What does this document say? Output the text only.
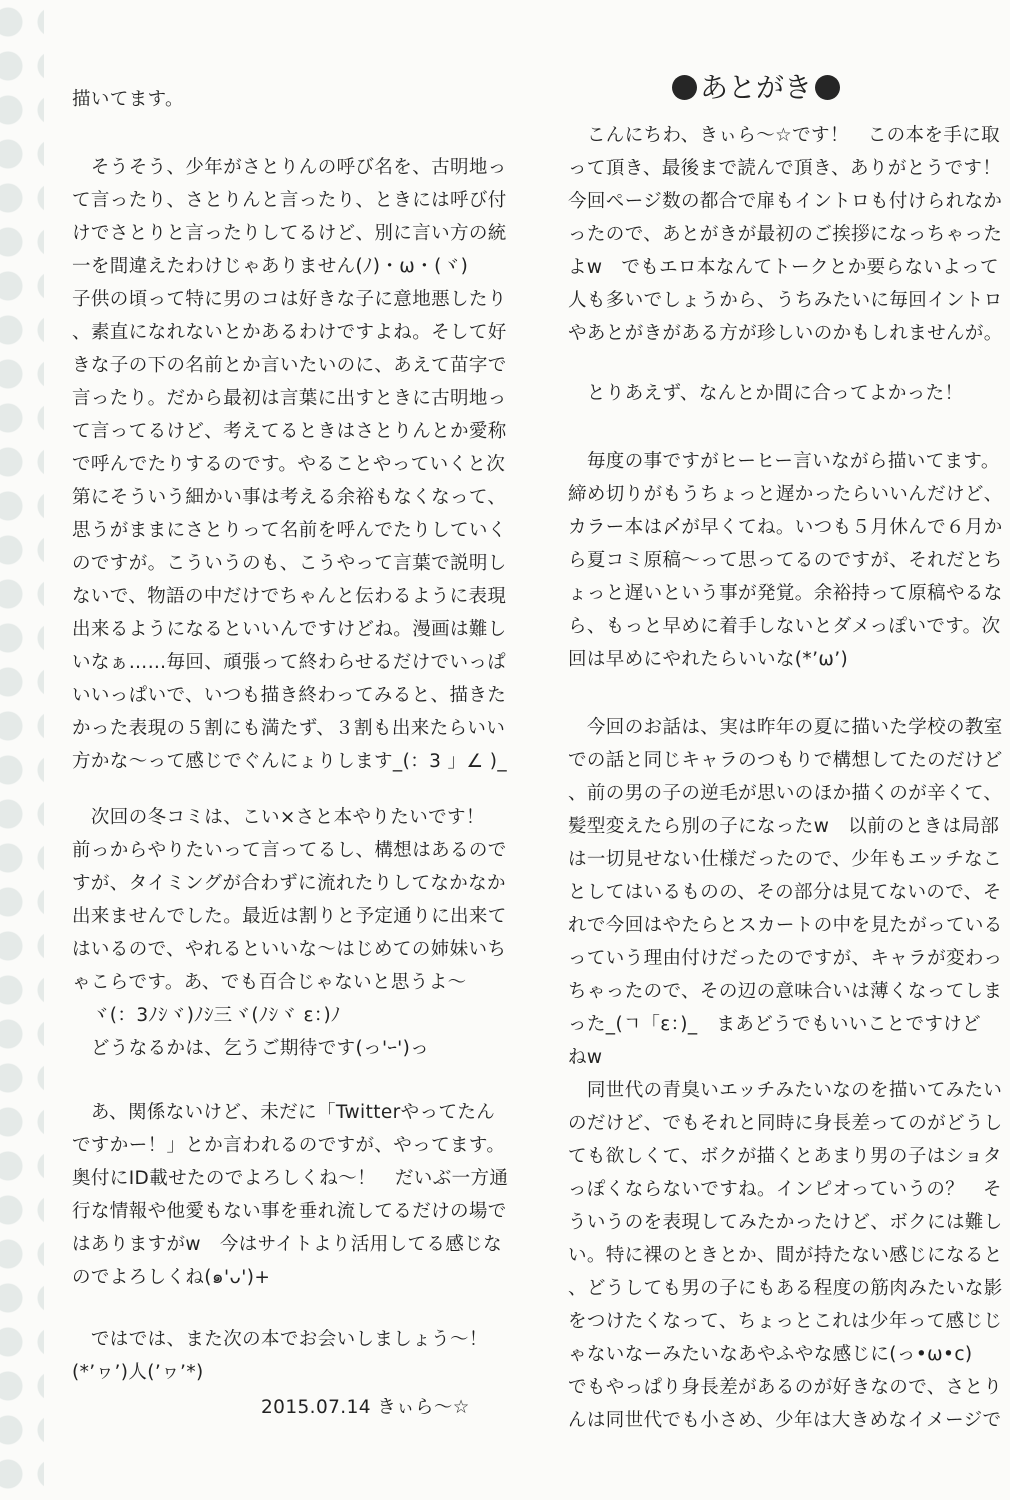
あとがき
描いてます。
　そうそう、少年がさとりんの呼び名を、古明地っ
て言ったり、さとりんと言ったり、ときには呼び付
けでさとりと言ったりしてるけど、別に言い方の統
一を間違えたわけじゃありません(ﾉ)・ω・(ヾ)
子供の頃って特に男のコは好きな子に意地悪したり
、素直になれないとかあるわけですよね。そして好
きな子の下の名前とか言いたいのに、あえて苗字で
言ったり。だから最初は言葉に出すときに古明地っ
て言ってるけど、考えてるときはさとりんとか愛称
で呼んでたりするのです。やることやっていくと次
第にそういう細かい事は考える余裕もなくなって、
思うがままにさとりって名前を呼んでたりしていく
のですが。こういうのも、こうやって言葉で説明し
ないで、物語の中だけでちゃんと伝わるように表現
出来るようになるといいんですけどね。漫画は難し
いなぁ……毎回、頑張って終わらせるだけでいっぱ
いいっぱいで、いつも描き終わってみると、描きた
かった表現の５割にも満たず、３割も出来たらいい
方かな〜って感じでぐんにょりします_(：3 」∠ )_
　次回の冬コミは、こい×さと本やりたいです！
前っからやりたいって言ってるし、構想はあるので
すが、タイミングが合わずに流れたりしてなかなか
出来ませんでした。最近は割りと予定通りに出来て
はいるので、やれるといいな〜はじめての姉妹いち
ゃこらです。あ、でも百合じゃないと思うよ〜
　ヾ(：3ﾉｼヾ)ﾉｼ三ヾ(ﾉｼヾ ε：)ﾉ
　どうなるかは、乞うご期待です(っ'ｰ')っ
　あ、関係ないけど、未だに「Twitterやってたん
ですかー！」とか言われるのですが、やってます。
奥付にID載せたのでよろしくね〜！　だいぶ一方通
行な情報や他愛もない事を垂れ流してるだけの場で
はありますがw　今はサイトより活用してる感じな
のでよろしくね(๑'ᴗ')+
　ではでは、また次の本でお会いしましょう〜！
(*’ヮ’)人(’ヮ’*)
　　　　　　　　　　2015.07.14 きぃら〜☆
　こんにちわ、きぃら〜☆です！　この本を手に取
って頂き、最後まで読んで頂き、ありがとうです！
今回ページ数の都合で扉もイントロも付けられなか
ったので、あとがきが最初のご挨拶になっちゃった
よw　でもエロ本なんてトークとか要らないよって
人も多いでしょうから、うちみたいに毎回イントロ
やあとがきがある方が珍しいのかもしれませんが。
　とりあえず、なんとか間に合ってよかった！
　毎度の事ですがヒーヒー言いながら描いてます。
締め切りがもうちょっと遅かったらいいんだけど、
カラー本は〆が早くてね。いつも５月休んで６月か
ら夏コミ原稿〜って思ってるのですが、それだとち
ょっと遅いという事が発覚。余裕持って原稿やるな
ら、もっと早めに着手しないとダメっぽいです。次
回は早めにやれたらいいな(*’ω’)
　今回のお話は、実は昨年の夏に描いた学校の教室
での話と同じキャラのつもりで構想してたのだけど
、前の男の子の逆毛が思いのほか描くのが辛くて、
髪型変えたら別の子になったw　以前のときは局部
は一切見せない仕様だったので、少年もエッチなこ
としてはいるものの、その部分は見てないので、そ
れで今回はやたらとスカートの中を見たがっている
っていう理由付けだったのですが、キャラが変わっ
ちゃったので、その辺の意味合いは薄くなってしま
った_(ㄱ「ε：)_　まあどうでもいいことですけど
ねw
　同世代の青臭いエッチみたいなのを描いてみたい
のだけど、でもそれと同時に身長差ってのがどうし
ても欲しくて、ボクが描くとあまり男の子はショタ
っぽくならないですね。インピオっていうの？　そ
ういうのを表現してみたかったけど、ボクには難し
い。特に裸のときとか、間が持たない感じになると
、どうしても男の子にもある程度の筋肉みたいな影
をつけたくなって、ちょっとこれは少年って感じじ
ゃないなーみたいなあやふやな感じに(っ•ω•c)
でもやっぱり身長差があるのが好きなので、さとり
んは同世代でも小さめ、少年は大きめなイメージで
